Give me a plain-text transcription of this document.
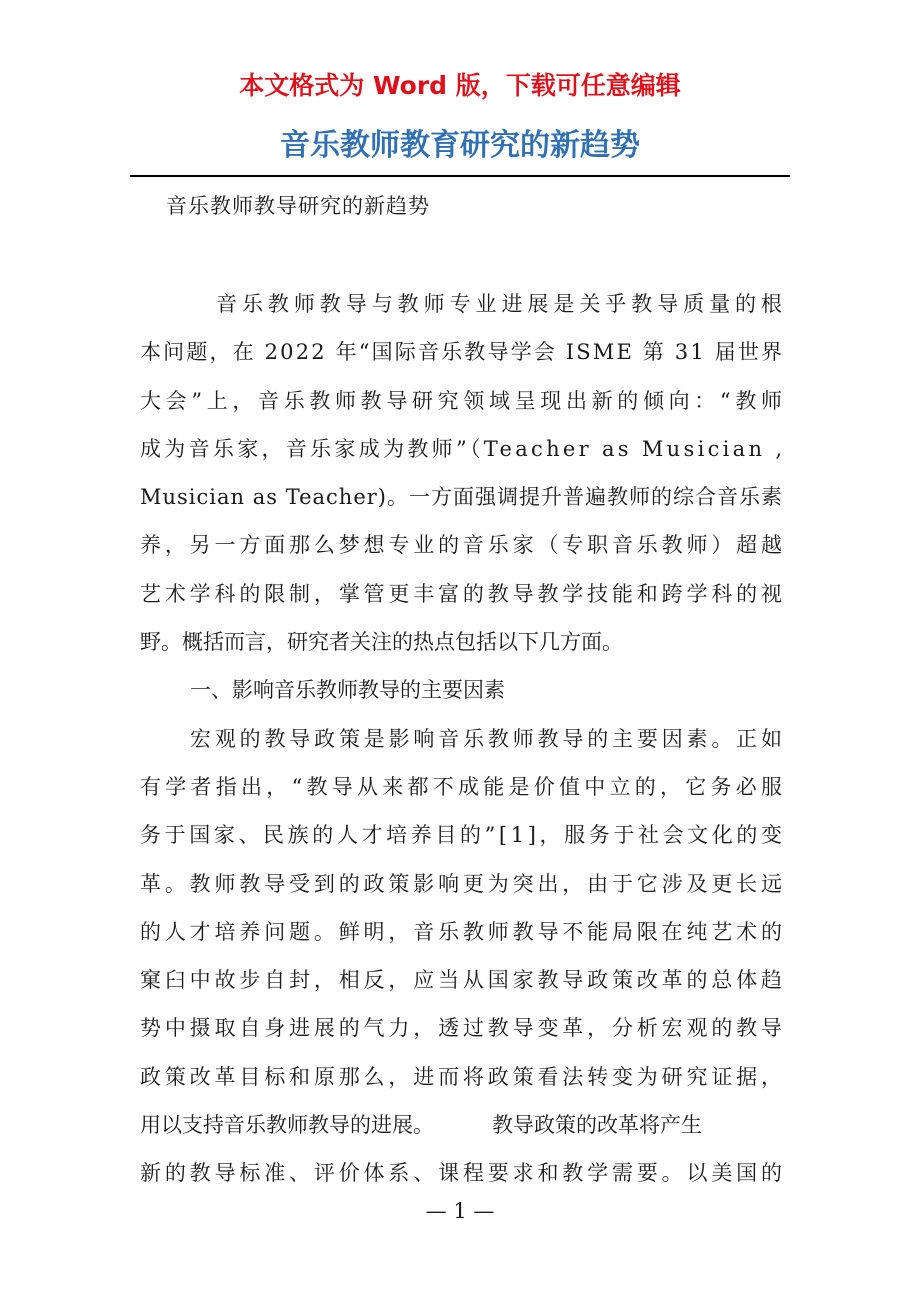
本文格式为 Word 版，下载可任意编辑
音乐教师教育研究的新趋势
音乐教师教导研究的新趋势
音乐教师教导与教师专业进展是关乎教导质量的根
本问题，在 2022 年“国际音乐教导学会 ISME 第 31 届世界
大会”上，音乐教师教导研究领域呈现出新的倾向：“教师
成为音乐家，音乐家成为教师”（Teacher as Musician ,
Musician as Teacher)。一方面强调提升普遍教师的综合音乐素
养，另一方面那么梦想专业的音乐家（专职音乐教师）超越
艺术学科的限制，掌管更丰富的教导教学技能和跨学科的视
野。概括而言，研究者关注的热点包括以下几方面。
一、影响音乐教师教导的主要因素
宏观的教导政策是影响音乐教师教导的主要因素。正如
有学者指出，“教导从来都不成能是价值中立的，它务必服
务于国家、民族的人才培养目的”[1]，服务于社会文化的变
革。教师教导受到的政策影响更为突出，由于它涉及更长远
的人才培养问题。鲜明，音乐教师教导不能局限在纯艺术的
窠臼中故步自封，相反，应当从国家教导政策改革的总体趋
势中摄取自身进展的气力，透过教导变革，分析宏观的教导
政策改革目标和原那么，进而将政策看法转变为研究证据，
用以支持音乐教师教导的进展。	教导政策的改革将产生
新的教导标准、评价体系、课程要求和教学需要。以美国的
— 1 —
